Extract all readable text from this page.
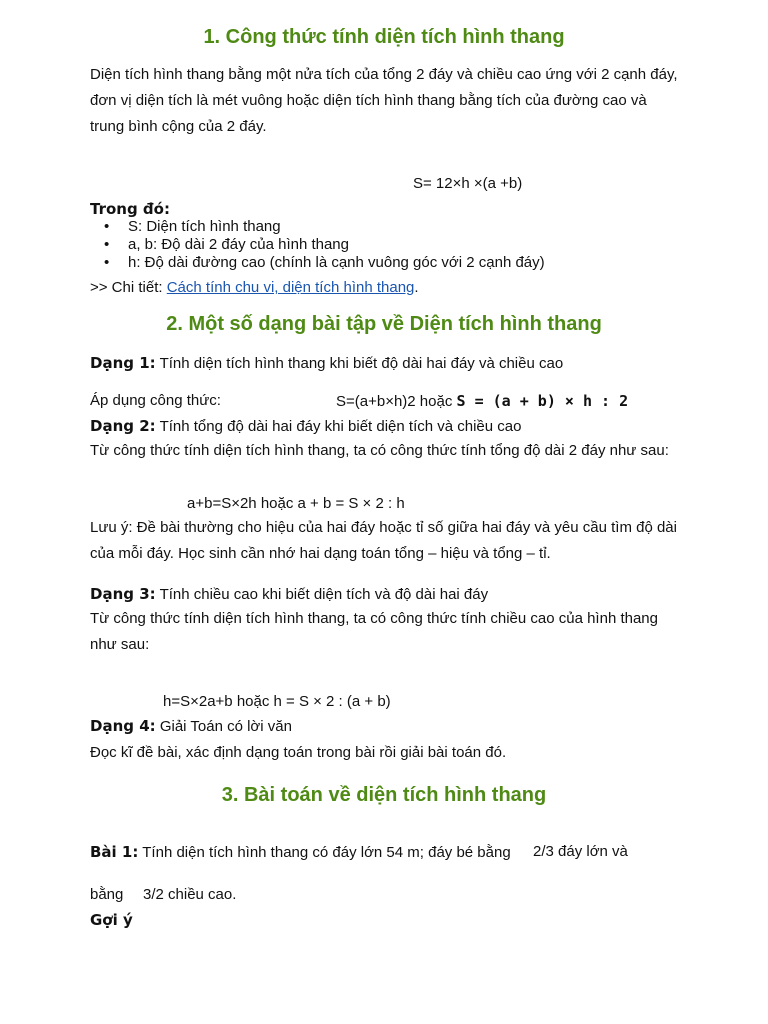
1. Công thức tính diện tích hình thang
Diện tích hình thang bằng một nửa tích của tổng 2 đáy và chiều cao ứng với 2 cạnh đáy, đơn vị diện tích là mét vuông hoặc diện tích hình thang bằng tích của đường cao và trung bình cộng của 2 đáy.
S= 12×h ×(a +b)
Trong đó:
• S: Diện tích hình thang
• a, b: Độ dài 2 đáy của hình thang
• h: Độ dài đường cao (chính là cạnh vuông góc với 2 cạnh đáy)
>> Chi tiết: Cách tính chu vi, diện tích hình thang.
2. Một số dạng bài tập về Diện tích hình thang
Dạng 1: Tính diện tích hình thang khi biết độ dài hai đáy và chiều cao
Áp dụng công thức:	S=(a+b×h)2 hoặc S = (a + b) × h : 2
Dạng 2: Tính tổng độ dài hai đáy khi biết diện tích và chiều cao
Từ công thức tính diện tích hình thang, ta có công thức tính tổng độ dài 2 đáy như sau:
a+b=S×2h hoặc a + b = S × 2 : h
Lưu ý: Đề bài thường cho hiệu của hai đáy hoặc tỉ số giữa hai đáy và yêu cầu tìm độ dài của mỗi đáy. Học sinh cần nhớ hai dạng toán tổng – hiệu và tổng – tỉ.
Dạng 3: Tính chiều cao khi biết diện tích và độ dài hai đáy
Từ công thức tính diện tích hình thang, ta có công thức tính chiều cao của hình thang như sau:
h=S×2a+b hoặc h = S × 2 : (a + b)
Dạng 4: Giải Toán có lời văn
Đọc kĩ đề bài, xác định dạng toán trong bài rồi giải bài toán đó.
3. Bài toán về diện tích hình thang
Bài 1: Tính diện tích hình thang có đáy lớn 54 m; đáy bé bằng 2/3 đáy lớn và
bằng 3/2 chiều cao.
Gợi ý
